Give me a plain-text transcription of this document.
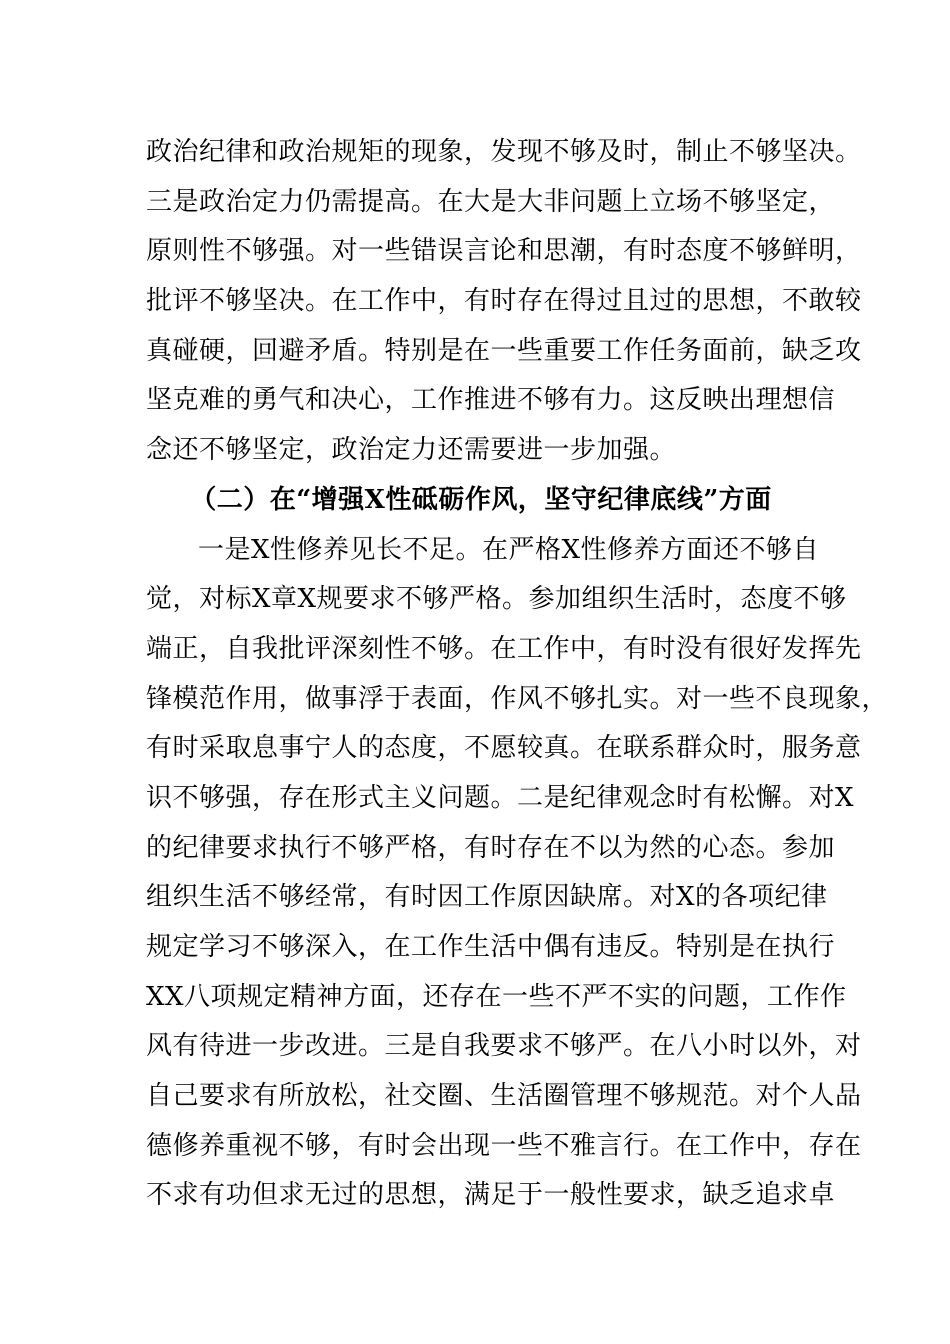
政治纪律和政治规矩的现象，发现不够及时，制止不够坚决。
三是政治定力仍需提高。在大是大非问题上立场不够坚定，
原则性不够强。对一些错误言论和思潮，有时态度不够鲜明，
批评不够坚决。在工作中，有时存在得过且过的思想，不敢较
真碰硬，回避矛盾。特别是在一些重要工作任务面前，缺乏攻
坚克难的勇气和决心，工作推进不够有力。这反映出理想信
念还不够坚定，政治定力还需要进一步加强。
（二）在“增强X性砥砺作风，坚守纪律底线”方面
一是X性修养见长不足。在严格X性修养方面还不够自
觉，对标X章X规要求不够严格。参加组织生活时，态度不够
端正，自我批评深刻性不够。在工作中，有时没有很好发挥先
锋模范作用，做事浮于表面，作风不够扎实。对一些不良现象，
有时采取息事宁人的态度，不愿较真。在联系群众时，服务意
识不够强，存在形式主义问题。二是纪律观念时有松懈。对X
的纪律要求执行不够严格，有时存在不以为然的心态。参加
组织生活不够经常，有时因工作原因缺席。对X的各项纪律
规定学习不够深入，在工作生活中偶有违反。特别是在执行
XX八项规定精神方面，还存在一些不严不实的问题，工作作
风有待进一步改进。三是自我要求不够严。在八小时以外，对
自己要求有所放松，社交圈、生活圈管理不够规范。对个人品
德修养重视不够，有时会出现一些不雅言行。在工作中，存在
不求有功但求无过的思想，满足于一般性要求，缺乏追求卓
